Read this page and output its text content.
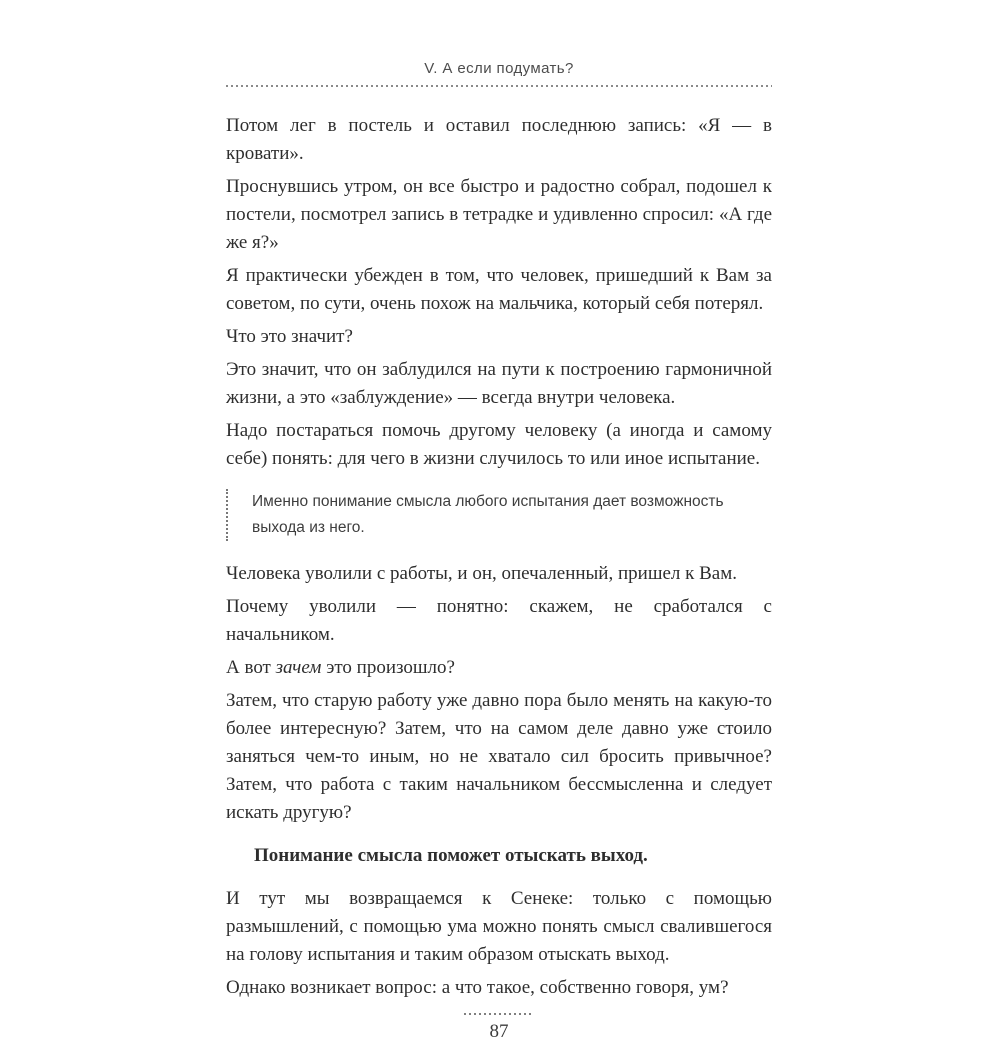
V. А если подумать?

Потом лег в постель и оставил последнюю запись: «Я — в кровати».

Проснувшись утром, он все быстро и радостно собрал, подошел к постели, посмотрел запись в тетрадке и удивленно спросил: «А где же я?»

Я практически убежден в том, что человек, пришедший к Вам за советом, по сути, очень похож на мальчика, который себя потерял.

Что это значит?

Это значит, что он заблудился на пути к построению гармоничной жизни, а это «заблуждение» — всегда внутри человека.

Надо постараться помочь другому человеку (а иногда и самому себе) понять: для чего в жизни случилось то или иное испытание.

Именно понимание смысла любого испытания дает возможность выхода из него.

Человека уволили с работы, и он, опечаленный, пришел к Вам.

Почему уволили — понятно: скажем, не сработался с начальником.

А вот зачем это произошло?

Затем, что старую работу уже давно пора было менять на какую-то более интересную? Затем, что на самом деле давно уже стоило заняться чем-то иным, но не хватало сил бросить привычное? Затем, что работа с таким начальником бессмысленна и следует искать другую?

Понимание смысла поможет отыскать выход.

И тут мы возвращаемся к Сенеке: только с помощью размышлений, с помощью ума можно понять смысл свалившегося на голову испытания и таким образом отыскать выход.

Однако возникает вопрос: а что такое, собственно говоря, ум?

87
